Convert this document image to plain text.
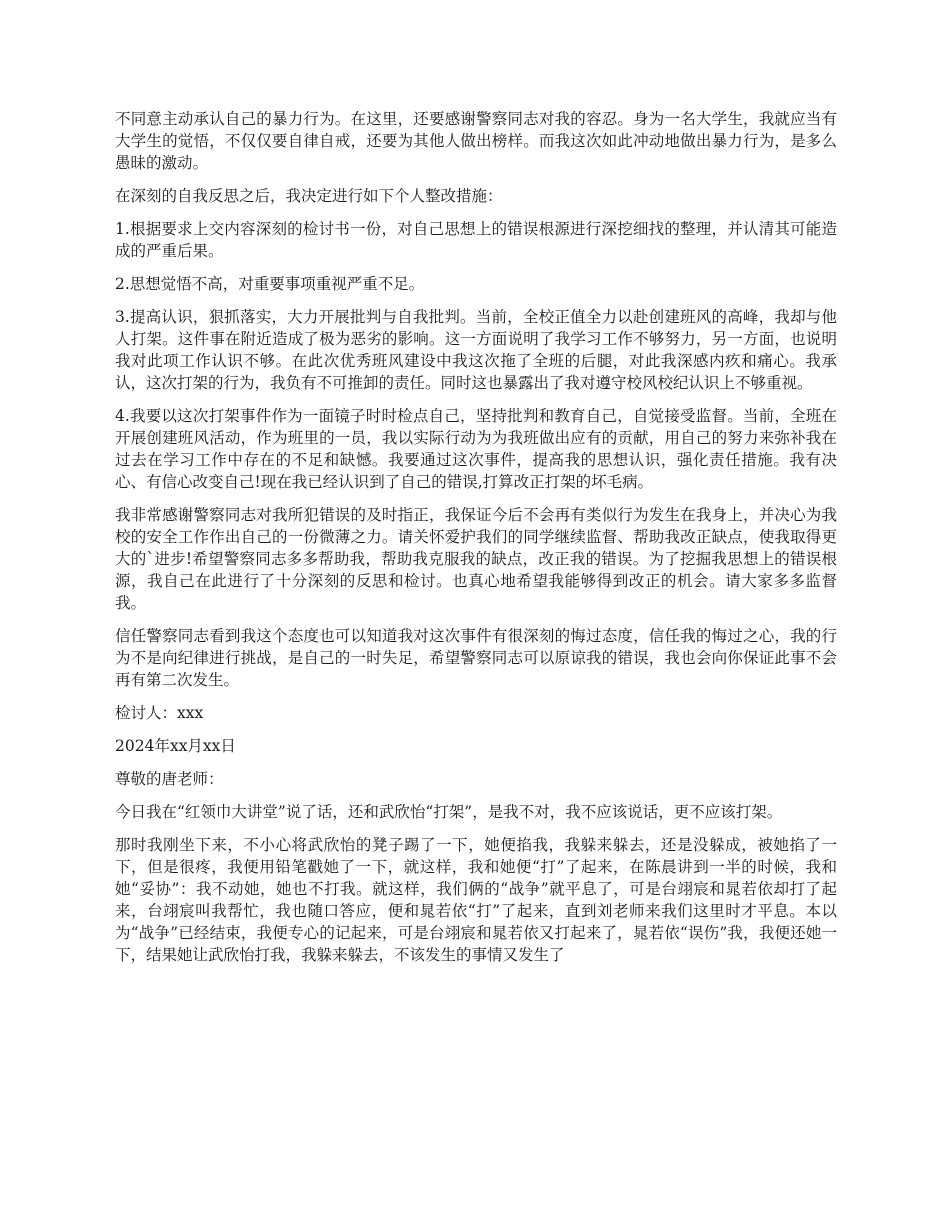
不同意主动承认自己的暴力行为。在这里，还要感谢警察同志对我的容忍。身为一名大学生，我就应当有大学生的觉悟，不仅仅要自律自戒，还要为其他人做出榜样。而我这次如此冲动地做出暴力行为，是多么愚昧的激动。

在深刻的自我反思之后，我决定进行如下个人整改措施：

1.根据要求上交内容深刻的检讨书一份，对自己思想上的错误根源进行深挖细找的整理，并认清其可能造成的严重后果。

2.思想觉悟不高，对重要事项重视严重不足。

3.提高认识，狠抓落实，大力开展批判与自我批判。当前，全校正值全力以赴创建班风的高峰，我却与他人打架。这件事在附近造成了极为恶劣的影响。这一方面说明了我学习工作不够努力，另一方面，也说明我对此项工作认识不够。在此次优秀班风建设中我这次拖了全班的后腿，对此我深感内疚和痛心。我承认，这次打架的行为，我负有不可推卸的责任。同时这也暴露出了我对遵守校风校纪认识上不够重视。

4.我要以这次打架事件作为一面镜子时时检点自己，坚持批判和教育自己，自觉接受监督。当前，全班在开展创建班风活动，作为班里的一员，我以实际行动为为我班做出应有的贡献，用自己的努力来弥补我在过去在学习工作中存在的不足和缺憾。我要通过这次事件，提高我的思想认识，强化责任措施。我有决心、有信心改变自己!现在我已经认识到了自己的错误,打算改正打架的坏毛病。

我非常感谢警察同志对我所犯错误的及时指正，我保证今后不会再有类似行为发生在我身上，并决心为我校的安全工作作出自己的一份微薄之力。请关怀爱护我们的同学继续监督、帮助我改正缺点，使我取得更大的`进步!希望警察同志多多帮助我，帮助我克服我的缺点，改正我的错误。为了挖掘我思想上的错误根源，我自己在此进行了十分深刻的反思和检讨。也真心地希望我能够得到改正的机会。请大家多多监督我。

信任警察同志看到我这个态度也可以知道我对这次事件有很深刻的悔过态度，信任我的悔过之心，我的行为不是向纪律进行挑战，是自己的一时失足，希望警察同志可以原谅我的错误，我也会向你保证此事不会再有第二次发生。

检讨人：xxx

2024年xx月xx日

尊敬的唐老师：

今日我在“红领巾大讲堂”说了话，还和武欣怡“打架”，是我不对，我不应该说话，更不应该打架。

那时我刚坐下来，不小心将武欣怡的凳子踢了一下，她便掐我，我躲来躲去，还是没躲成，被她掐了一下，但是很疼，我便用铅笔戳她了一下，就这样，我和她便“打”了起来，在陈晨讲到一半的时候，我和她“妥协”：我不动她，她也不打我。就这样，我们俩的“战争”就平息了，可是台翊宸和晁若依却打了起来，台翊宸叫我帮忙，我也随口答应，便和晁若依“打”了起来，直到刘老师来我们这里时才平息。本以为“战争”已经结束，我便专心的记起来，可是台翊宸和晁若依又打起来了，晁若依“误伤”我，我便还她一下，结果她让武欣怡打我，我躲来躲去，不该发生的事情又发生了
